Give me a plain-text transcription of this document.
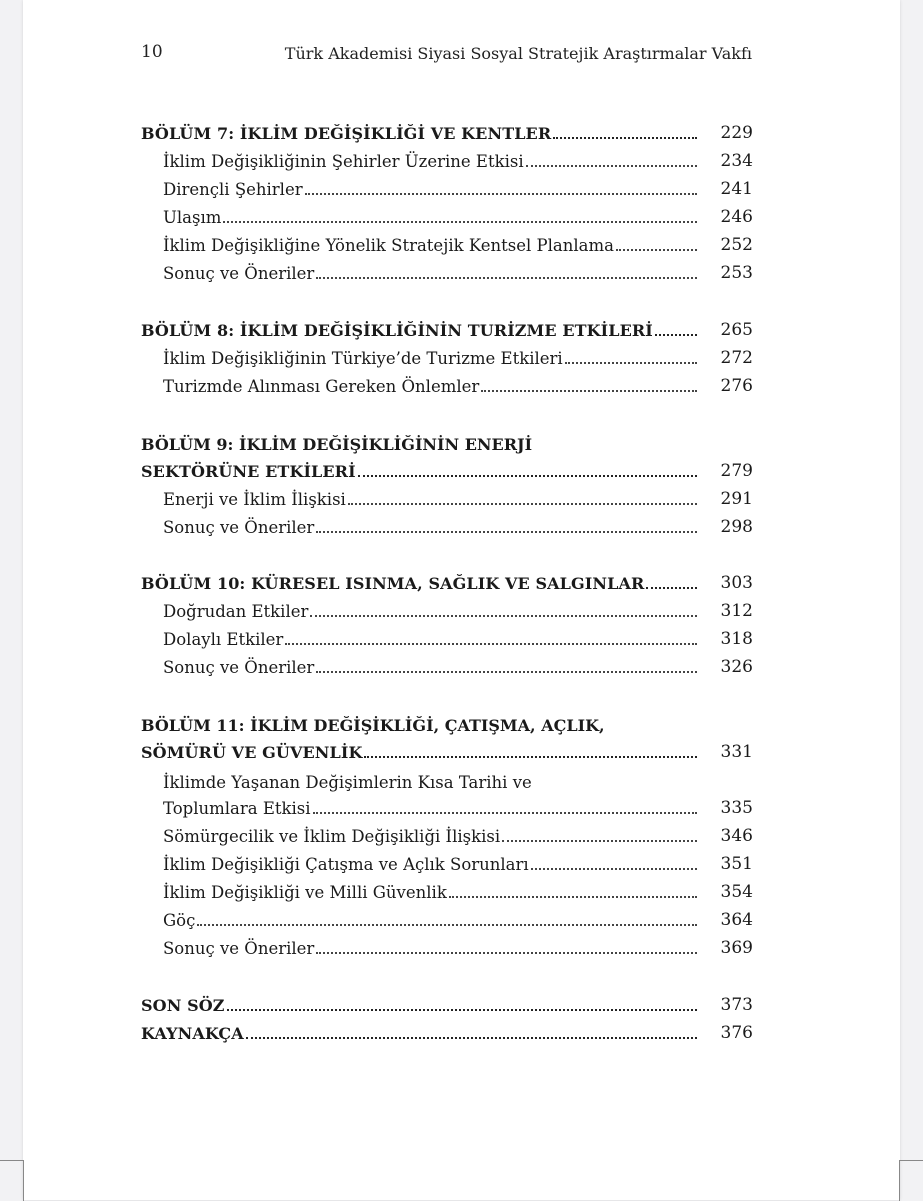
10	Türk Akademisi Siyasi Sosyal Stratejik Araştırmalar Vakfı
BÖLÜM 7: İKLİM DEĞİŞİKLİĞİ VE KENTLER	229
İklim Değişikliğinin Şehirler Üzerine Etkisi	234
Dirençli Şehirler	241
Ulaşım	246
İklim Değişikliğine Yönelik Stratejik Kentsel Planlama	252
Sonuç ve Öneriler	253
BÖLÜM 8: İKLİM DEĞİŞİKLİĞİNİN TURİZME ETKİLERİ	265
İklim Değişikliğinin Türkiye’de Turizme Etkileri	272
Turizmde Alınması Gereken Önlemler	276
BÖLÜM 9: İKLİM DEĞİŞİKLİĞİNİN ENERJİ
SEKTÖRÜNE ETKİLERİ	279
Enerji ve İklim İlişkisi	291
Sonuç ve Öneriler	298
BÖLÜM 10: KÜRESEL ISINMA, SAĞLIK VE SALGINLAR	303
Doğrudan Etkiler	312
Dolaylı Etkiler	318
Sonuç ve Öneriler	326
BÖLÜM 11: İKLİM DEĞİŞİKLİĞİ, ÇATIŞMA, AÇLIK,
SÖMÜRÜ VE GÜVENLİK	331
İklimde Yaşanan Değişimlerin Kısa Tarihi ve
Toplumlara Etkisi	335
Sömürgecilik ve İklim Değişikliği İlişkisi	346
İklim Değişikliği Çatışma ve Açlık Sorunları	351
İklim Değişikliği ve Milli Güvenlik	354
Göç	364
Sonuç ve Öneriler	369
SON SÖZ	373
KAYNAKÇA	376
